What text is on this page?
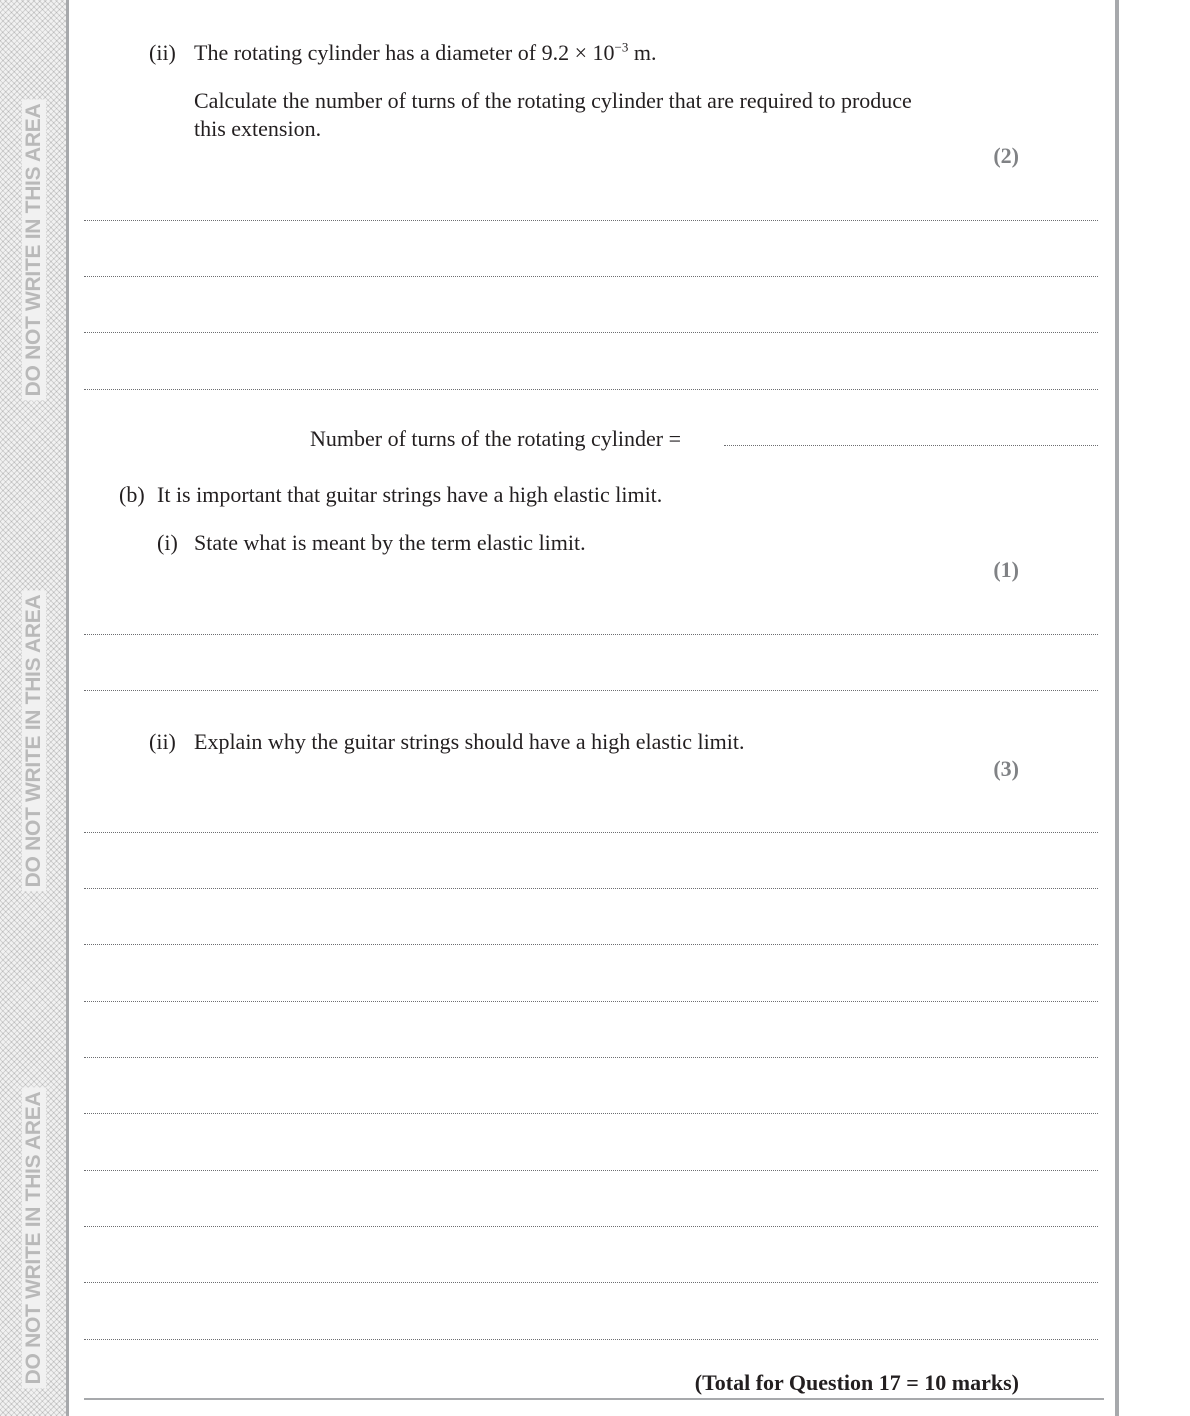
DO NOT WRITE IN THIS AREA
DO NOT WRITE IN THIS AREA
DO NOT WRITE IN THIS AREA
(ii) The rotating cylinder has a diameter of $9.2 \times 10^{-3}$ m.
Calculate the number of turns of the rotating cylinder that are required to produce
this extension.
(2)
Number of turns of the rotating cylinder =
(b) It is important that guitar strings have a high elastic limit.
(i) State what is meant by the term elastic limit.
(1)
(ii) Explain why the guitar strings should have a high elastic limit.
(3)
(Total for Question 17 = 10 marks)
